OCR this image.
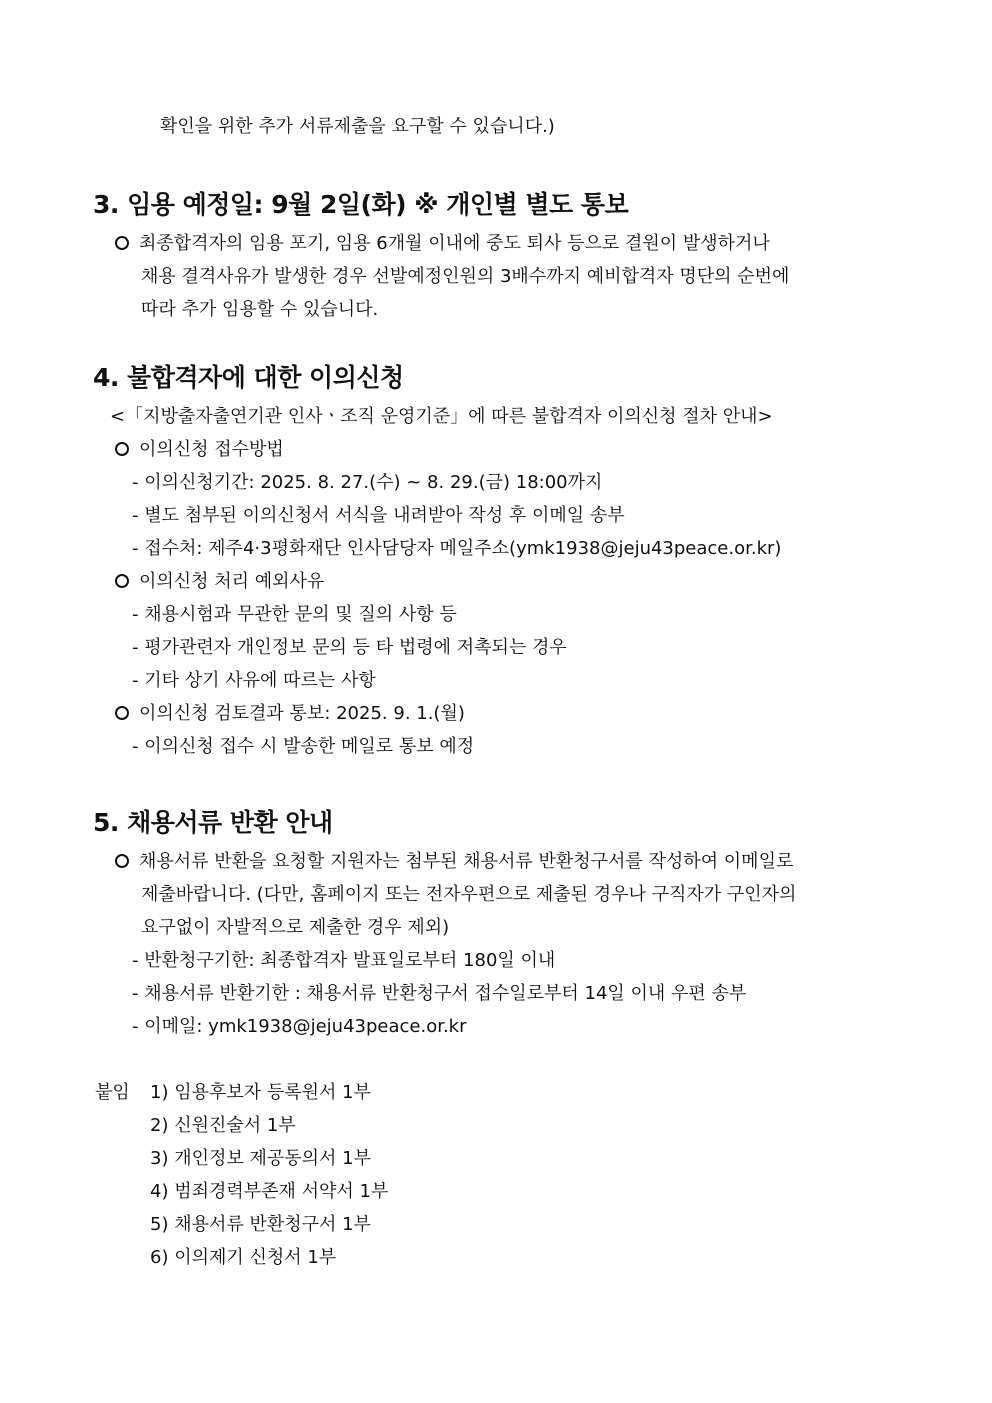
확인을 위한 추가 서류제출을 요구할 수 있습니다.)
3. 임용 예정일: 9월 2일(화) ※ 개인별 별도 통보
최종합격자의 임용 포기, 임용 6개월 이내에 중도 퇴사 등으로 결원이 발생하거나
채용 결격사유가 발생한 경우 선발예정인원의 3배수까지 예비합격자 명단의 순번에
따라 추가 임용할 수 있습니다.
4. 불합격자에 대한 이의신청
<「지방출자출연기관 인사ㆍ조직 운영기준」에 따른 불합격자 이의신청 절차 안내>
이의신청 접수방법
- 이의신청기간: 2025. 8. 27.(수) ~ 8. 29.(금) 18:00까지
- 별도 첨부된 이의신청서 서식을 내려받아 작성 후 이메일 송부
- 접수처: 제주4·3평화재단 인사담당자 메일주소(ymk1938@jeju43peace.or.kr)
이의신청 처리 예외사유
- 채용시험과 무관한 문의 및 질의 사항 등
- 평가관련자 개인정보 문의 등 타 법령에 저촉되는 경우
- 기타 상기 사유에 따르는 사항
이의신청 검토결과 통보: 2025. 9. 1.(월)
- 이의신청 접수 시 발송한 메일로 통보 예정
5. 채용서류 반환 안내
채용서류 반환을 요청할 지원자는 첨부된 채용서류 반환청구서를 작성하여 이메일로
제출바랍니다. (다만, 홈페이지 또는 전자우편으로 제출된 경우나 구직자가 구인자의
요구없이 자발적으로 제출한 경우 제외)
- 반환청구기한: 최종합격자 발표일로부터 180일 이내
- 채용서류 반환기한 : 채용서류 반환청구서 접수일로부터 14일 이내 우편 송부
- 이메일: ymk1938@jeju43peace.or.kr
붙임 1) 임용후보자 등록원서 1부
2) 신원진술서 1부
3) 개인정보 제공동의서 1부
4) 범죄경력부존재 서약서 1부
5) 채용서류 반환청구서 1부
6) 이의제기 신청서 1부
